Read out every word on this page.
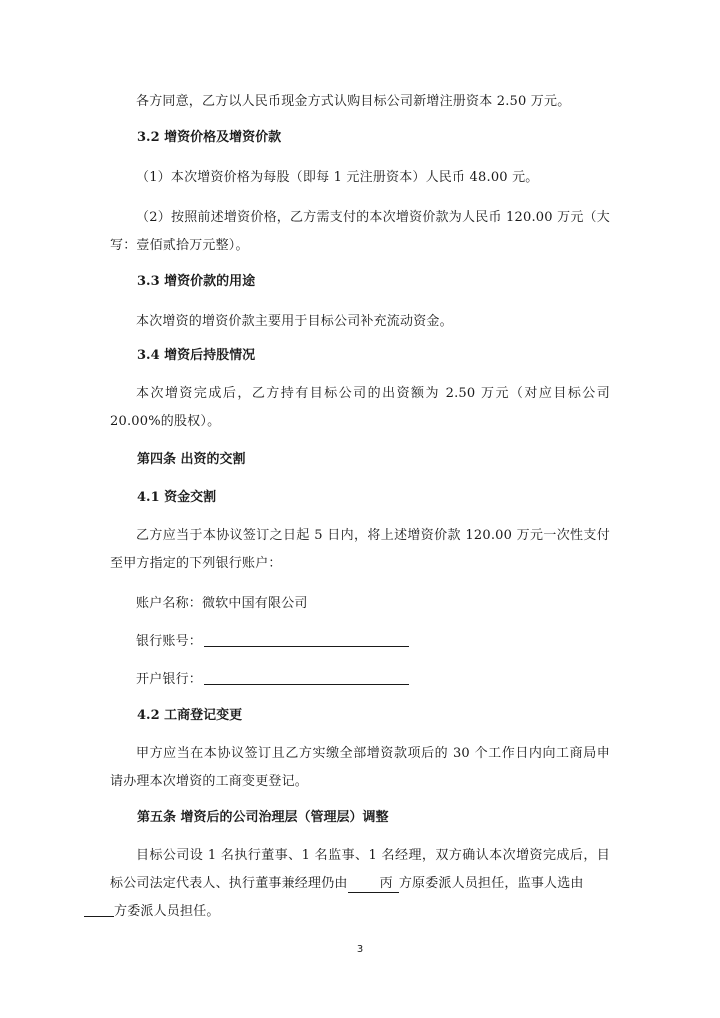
各方同意，乙方以人民币现金方式认购目标公司新增注册资本 2.50 万元。
3.2 增资价格及增资价款
（1）本次增资价格为每股（即每 1 元注册资本）人民币 48.00 元。
（2）按照前述增资价格，乙方需支付的本次增资价款为人民币 120.00 万元（大写：壹佰贰拾万元整）。
3.3 增资价款的用途
本次增资的增资价款主要用于目标公司补充流动资金。
3.4 增资后持股情况
本次增资完成后，乙方持有目标公司的出资额为 2.50 万元（对应目标公司 20.00%的股权）。
第四条 出资的交割
4.1 资金交割
乙方应当于本协议签订之日起 5 日内，将上述增资价款 120.00 万元一次性支付至甲方指定的下列银行账户：
账户名称：微软中国有限公司
银行账号：
开户银行：
4.2 工商登记变更
甲方应当在本协议签订且乙方实缴全部增资款项后的 30 个工作日内向工商局申请办理本次增资的工商变更登记。
第五条 增资后的公司治理层（管理层）调整
目标公司设 1 名执行董事、1 名监事、1 名经理，双方确认本次增资完成后，目标公司法定代表人、执行董事兼经理仍由 丙 方原委派人员担任，监事人选由
方委派人员担任。
3
